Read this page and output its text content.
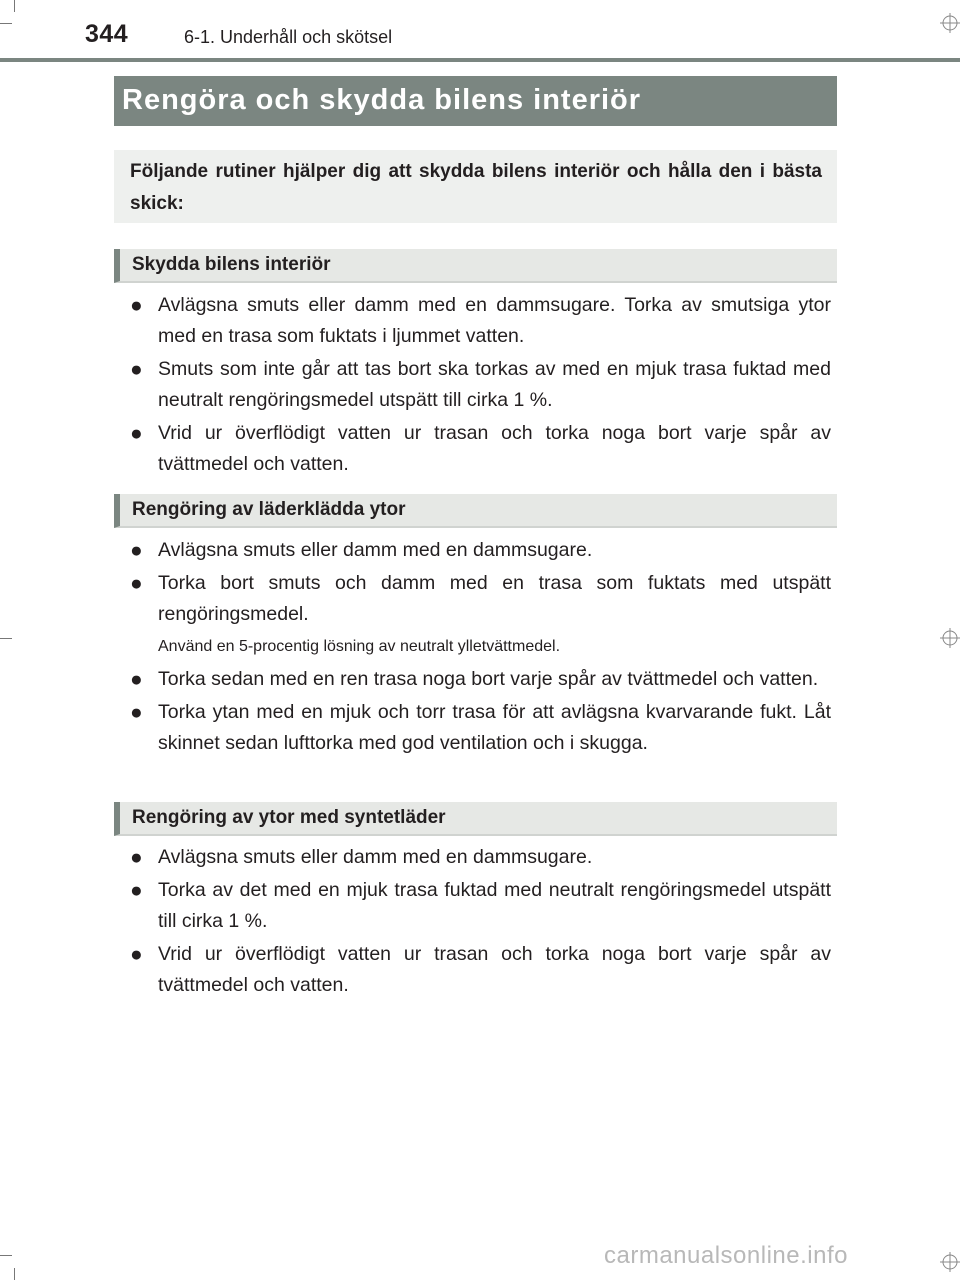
344	6-1. Underhåll och skötsel
Rengöra och skydda bilens interiör
Följande rutiner hjälper dig att skydda bilens interiör och hålla den i bästa skick:
Skydda bilens interiör
● Avlägsna smuts eller damm med en dammsugare. Torka av smutsiga ytor med en trasa som fuktats i ljummet vatten.
● Smuts som inte går att tas bort ska torkas av med en mjuk trasa fuktad med neutralt rengöringsmedel utspätt till cirka 1 %.
● Vrid ur överflödigt vatten ur trasan och torka noga bort varje spår av tvättmedel och vatten.
Rengöring av läderklädda ytor
● Avlägsna smuts eller damm med en dammsugare.
● Torka bort smuts och damm med en trasa som fuktats med utspätt rengöringsmedel.
Använd en 5-procentig lösning av neutralt ylletvättmedel.
● Torka sedan med en ren trasa noga bort varje spår av tvättmedel och vatten.
● Torka ytan med en mjuk och torr trasa för att avlägsna kvarvarande fukt. Låt skinnet sedan lufttorka med god ventilation och i skugga.
Rengöring av ytor med syntetläder
● Avlägsna smuts eller damm med en dammsugare.
● Torka av det med en mjuk trasa fuktad med neutralt rengöringsmedel utspätt till cirka 1 %.
● Vrid ur överflödigt vatten ur trasan och torka noga bort varje spår av tvättmedel och vatten.
carmanualsonline.info
